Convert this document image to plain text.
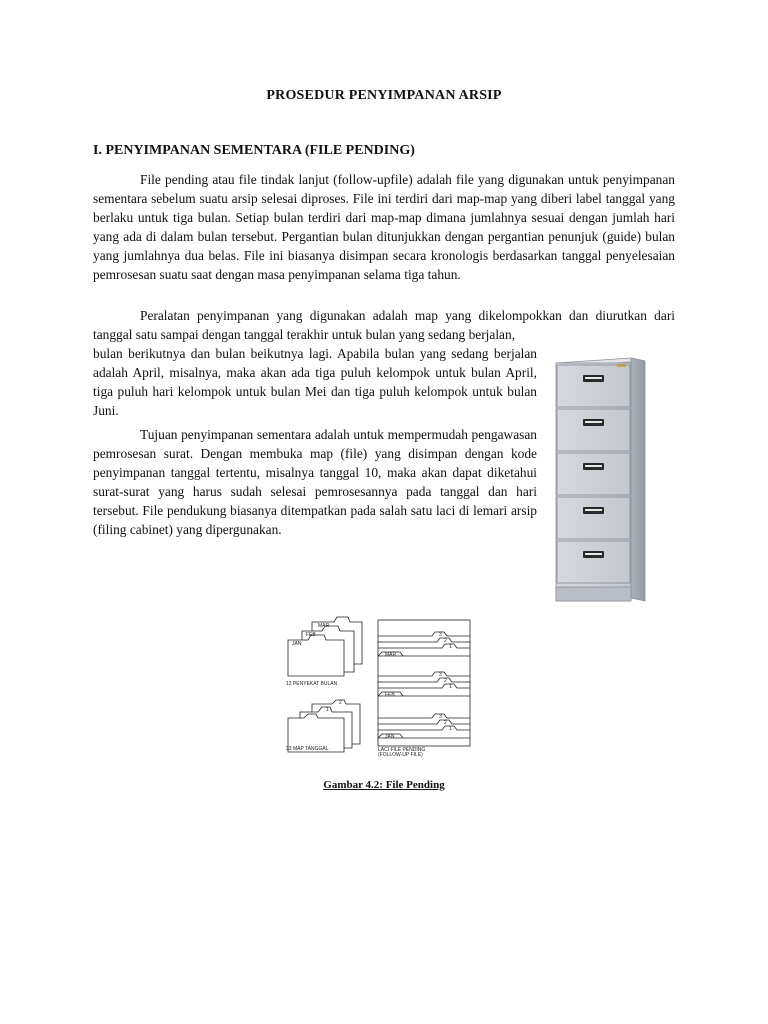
PROSEDUR PENYIMPANAN ARSIP
I. PENYIMPANAN SEMENTARA (FILE PENDING)

File pending atau file tindak lanjut (follow-upfile) adalah file yang digunakan untuk penyimpanan sementara sebelum suatu arsip selesai diproses. File ini terdiri dari map-map yang diberi label tanggal yang berlaku untuk tiga bulan. Setiap bulan terdiri dari map-map dimana jumlahnya sesuai dengan jumlah hari yang ada di dalam bulan tersebut. Pergantian bulan ditunjukkan dengan pergantian penunjuk (guide) bulan yang jumlahnya dua belas. File ini biasanya disimpan secara kronologis berdasarkan tanggal penyelesaian pemrosesan suatu saat dengan masa penyimpanan selama tiga tahun.

Peralatan penyimpanan yang digunakan adalah map yang dikelompokkan dan diurutkan dari tanggal satu sampai dengan tanggal terakhir untuk bulan yang sedang berjalan,

bulan berikutnya dan bulan beikutnya lagi. Apabila bulan yang sedang berjalan adalah April, misalnya, maka akan ada tiga puluh kelompok untuk bulan April, tiga puluh hari kelompok untuk bulan Mei dan tiga puluh kelompok untuk bulan Juni.

Tujuan penyimpanan sementara adalah untuk mempermudah pengawasan pemrosesan surat. Dengan membuka map (file) yang disimpan dengan kode penyimpanan tanggal tertentu, misalnya tanggal 10, maka akan dapat diketahui surat-surat yang harus sudah selesai pemrosesannya pada tanggal dan hari tersebut. File pendukung biasanya ditempatkan pada salah satu laci di lemari arsip (filing cabinet) yang dipergunakan.

MAR
FEB
JAN
12 PENYEKAT BULAN
33 MAP TANGGAL
2
1
3
2
1
MAR
3
2
1
FEB
3
2
1
JAN
LACI FILE PENDING
(FOLLOW-UP FILE)
Gambar 4.2: File Pending
